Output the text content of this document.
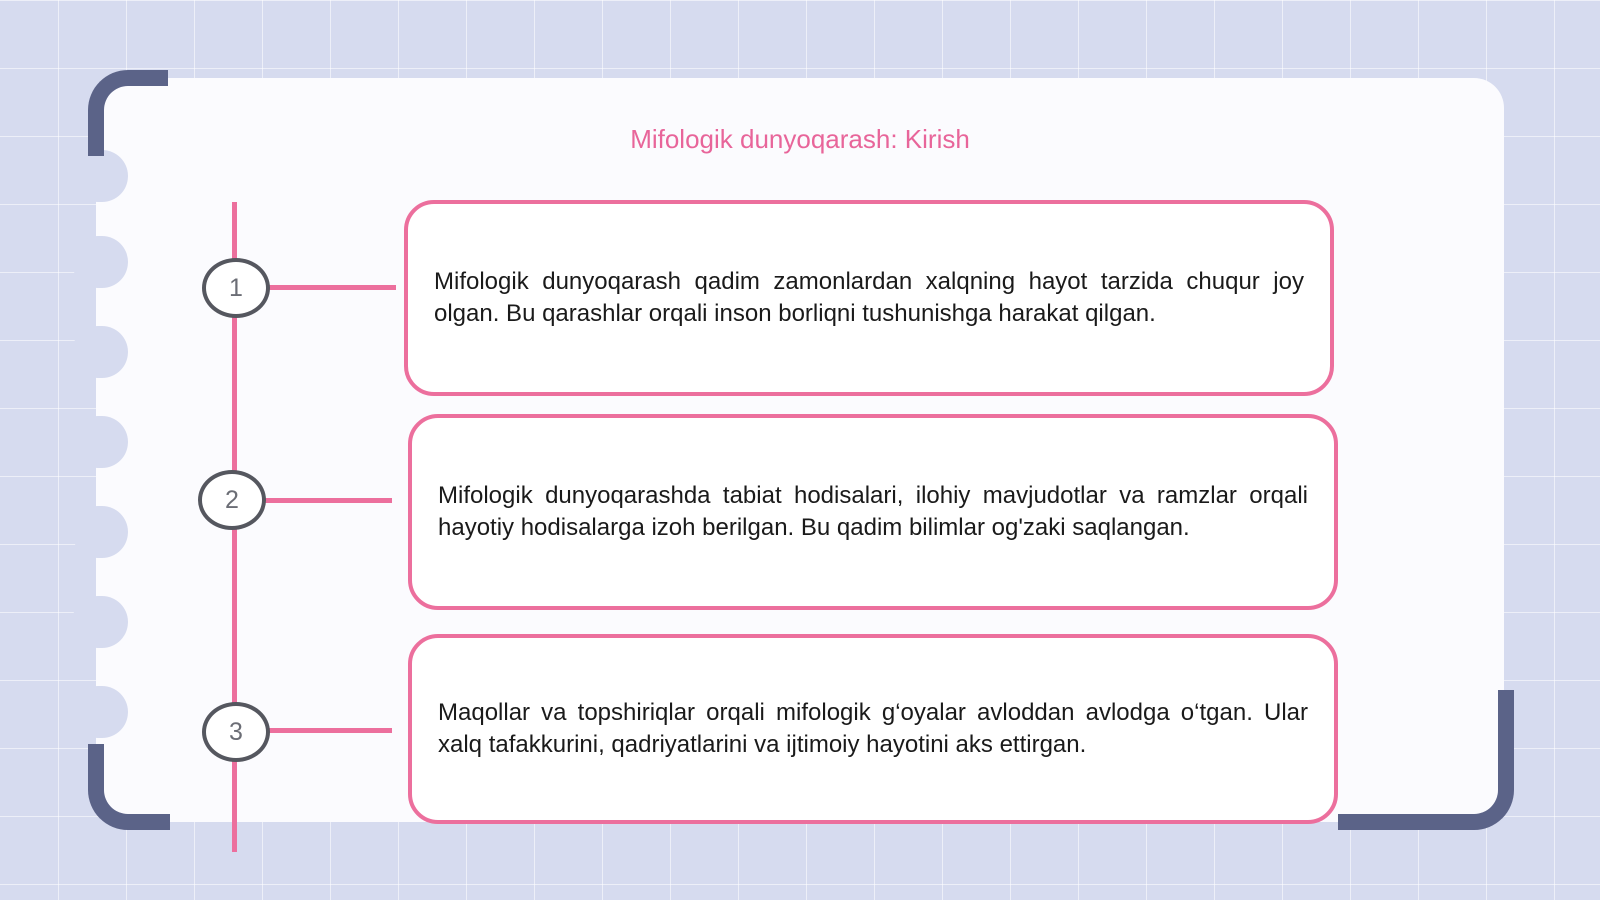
Mifologik dunyoqarash: Kirish
1
2
3

Mifologik dunyoqarash qadim zamonlardan xalqning hayot tarzida chuqur joy olgan. Bu qarashlar orqali inson borliqni tushunishga harakat qilgan.

Mifologik dunyoqarashda tabiat hodisalari, ilohiy mavjudotlar va ramzlar orqali hayotiy hodisalarga izoh berilgan. Bu qadim bilimlar og'zaki saqlangan.

Maqollar va topshiriqlar orqali mifologik g‘oyalar avloddan avlodga o‘tgan. Ular xalq tafakkurini, qadriyatlarini va ijtimoiy hayotini aks ettirgan.
